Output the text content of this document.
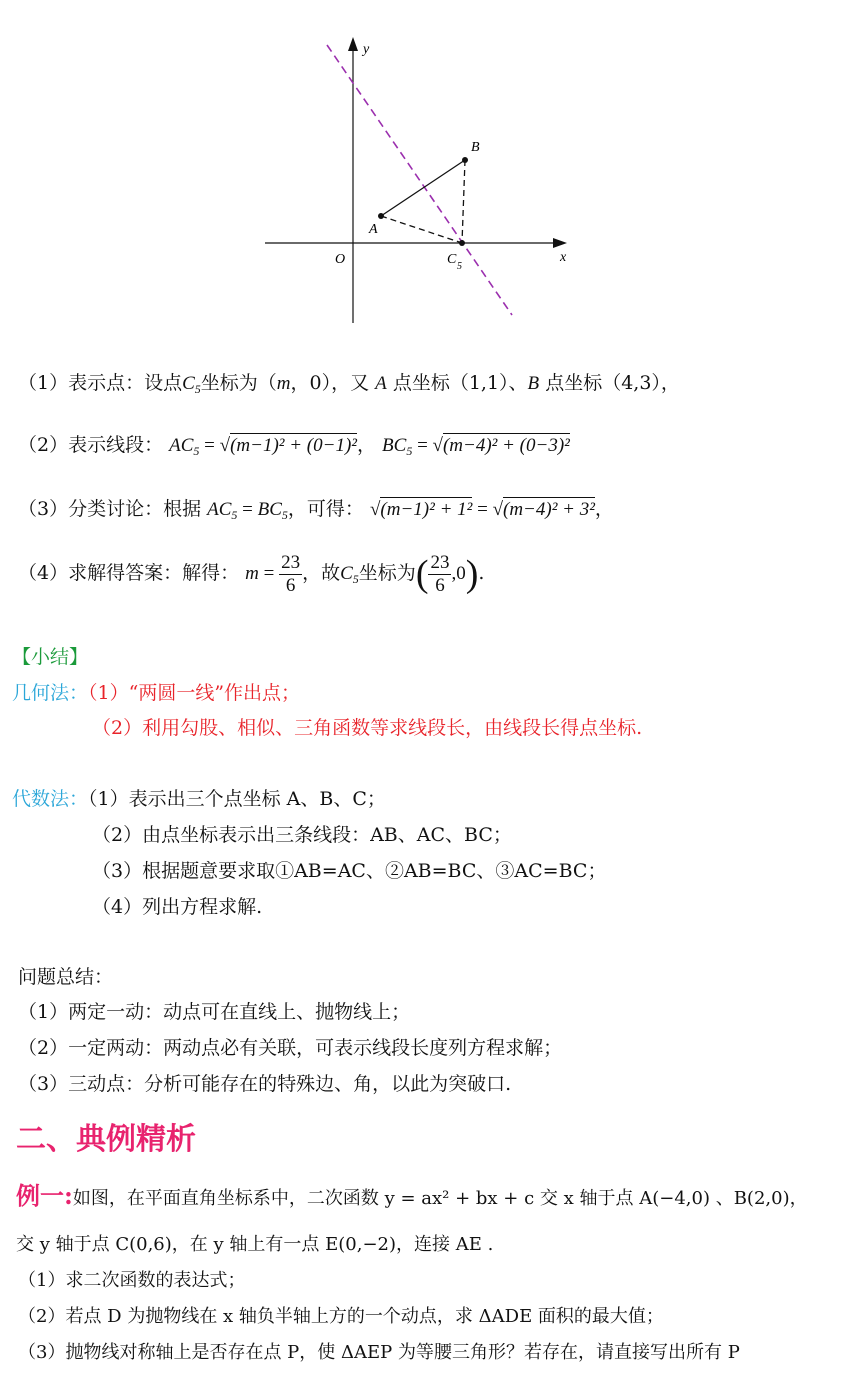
y
x
O
A
B
C 5
（1）表示点：设点$C_5$坐标为（m，0），又 A 点坐标（1,1）、B 点坐标（4,3），
（2）表示线段： $AC_5 = √(m-1)^2 + (0-1)^2$， $BC_5 = √(m-4)^2 + (0-3)^2$
（3）分类讨论：根据 $AC_5 = BC_5$，可得： √(m−1)² + 1² = √(m−4)² + 3²，
（4）求解得答案：解得： $m = \frac{23}{6}$ ，故$C_5$坐标为( $\frac{23}{6} ,0$).
【小结】
几何法：（1）“两圆一线”作出点；
（2）利用勾股、相似、三角函数等求线段长，由线段长得点坐标.
代数法：（1）表示出三个点坐标 A、B、C；
（2）由点坐标表示出三条线段：AB、AC、BC；
（3）根据题意要求取①AB=AC、②AB=BC、③AC=BC；
（4）列出方程求解.
问题总结：
（1）两定一动：动点可在直线上、抛物线上；
（2）一定两动：两动点必有关联，可表示线段长度列方程求解；
（3）三动点：分析可能存在的特殊边、角，以此为突破口.
二、典例精析
例一:如图，在平面直角坐标系中，二次函数 y = ax² + bx + c 交 x 轴于点 A(−4,0) 、B(2,0)，
交 y 轴于点 C(0,6)，在 y 轴上有一点 E(0,−2)，连接 AE .
（1）求二次函数的表达式；
（2）若点 D 为抛物线在 x 轴负半轴上方的一个动点，求 ΔADE 面积的最大值；
（3）抛物线对称轴上是否存在点 P，使 ΔAEP 为等腰三角形？若存在，请直接写出所有 P
